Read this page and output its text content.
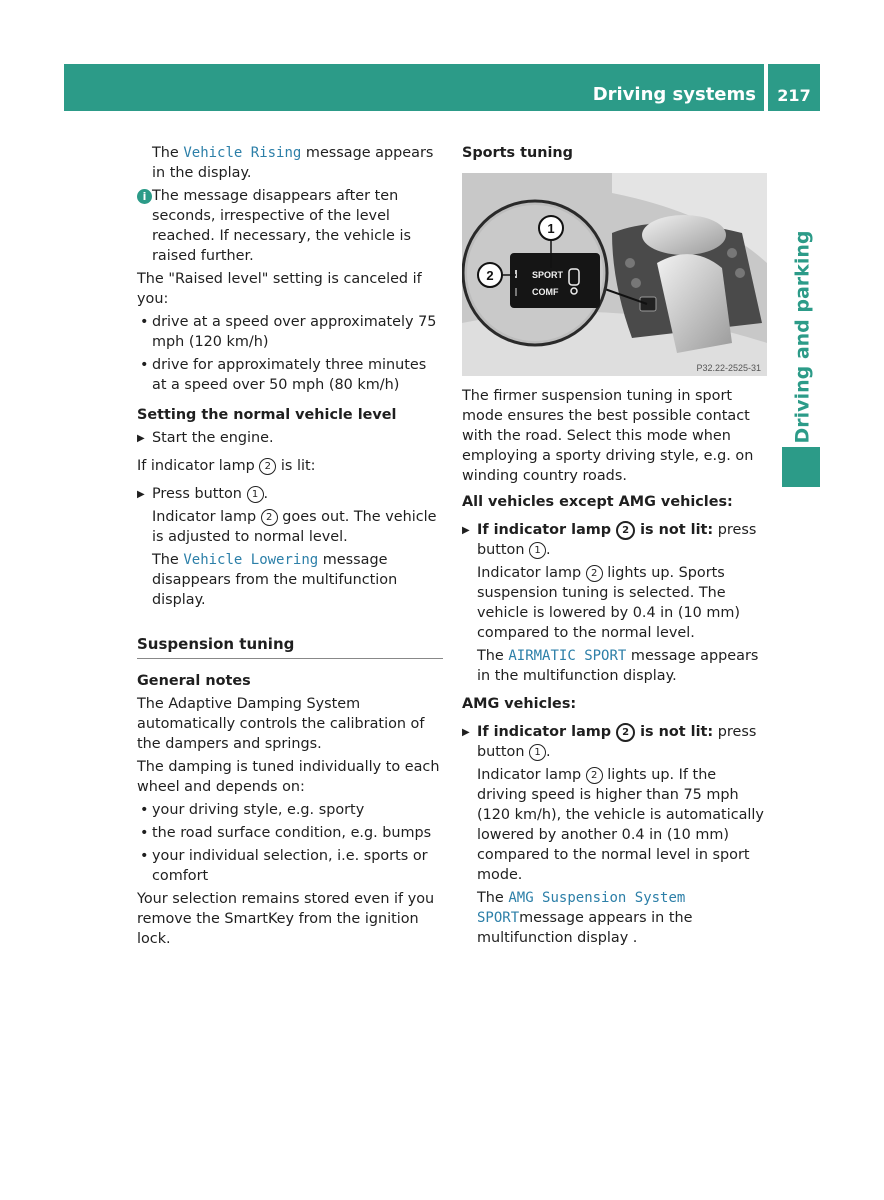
Driving systems	217
Driving and parking

The Vehicle Rising message appears in the display.

i The message disappears after ten seconds, irrespective of the level reached. If necessary, the vehicle is raised further.

The "Raised level" setting is canceled if you:

• drive at a speed over approximately 75 mph (120 km/h)

• drive for approximately three minutes at a speed over 50 mph (80 km/h)

Setting the normal vehicle level

▶ Start the engine.

If indicator lamp 2 is lit:

▶ Press button 1 .

Indicator lamp 2 goes out. The vehicle is adjusted to normal level.

The Vehicle Lowering message disappears from the multifunction display.

Suspension tuning

General notes

The Adaptive Damping System automatically controls the calibration of the dampers and springs.

The damping is tuned individually to each wheel and depends on:

• your driving style, e.g. sporty

• the road surface condition, e.g. bumps

• your individual selection, i.e. sports or comfort

Your selection remains stored even if you remove the SmartKey from the ignition lock.

Sports tuning

SPORT
COMF
1
2
P32.22-2525-31

The firmer suspension tuning in sport mode ensures the best possible contact with the road. Select this mode when employing a sporty driving style, e.g. on winding country roads.

All vehicles except AMG vehicles:

▶ If indicator lamp 2 is not lit: press button 1 .

Indicator lamp 2 lights up. Sports suspension tuning is selected. The vehicle is lowered by 0.4 in (10 mm) compared to the normal level.

The AIRMATIC SPORT message appears in the multifunction display.

AMG vehicles:

▶ If indicator lamp 2 is not lit: press button 1 .

Indicator lamp 2 lights up. If the driving speed is higher than 75 mph (120 km/h), the vehicle is automatically lowered by another 0.4 in (10 mm) compared to the normal level in sport mode.

The AMG Suspension System SPORTmessage appears in the multifunction display .
